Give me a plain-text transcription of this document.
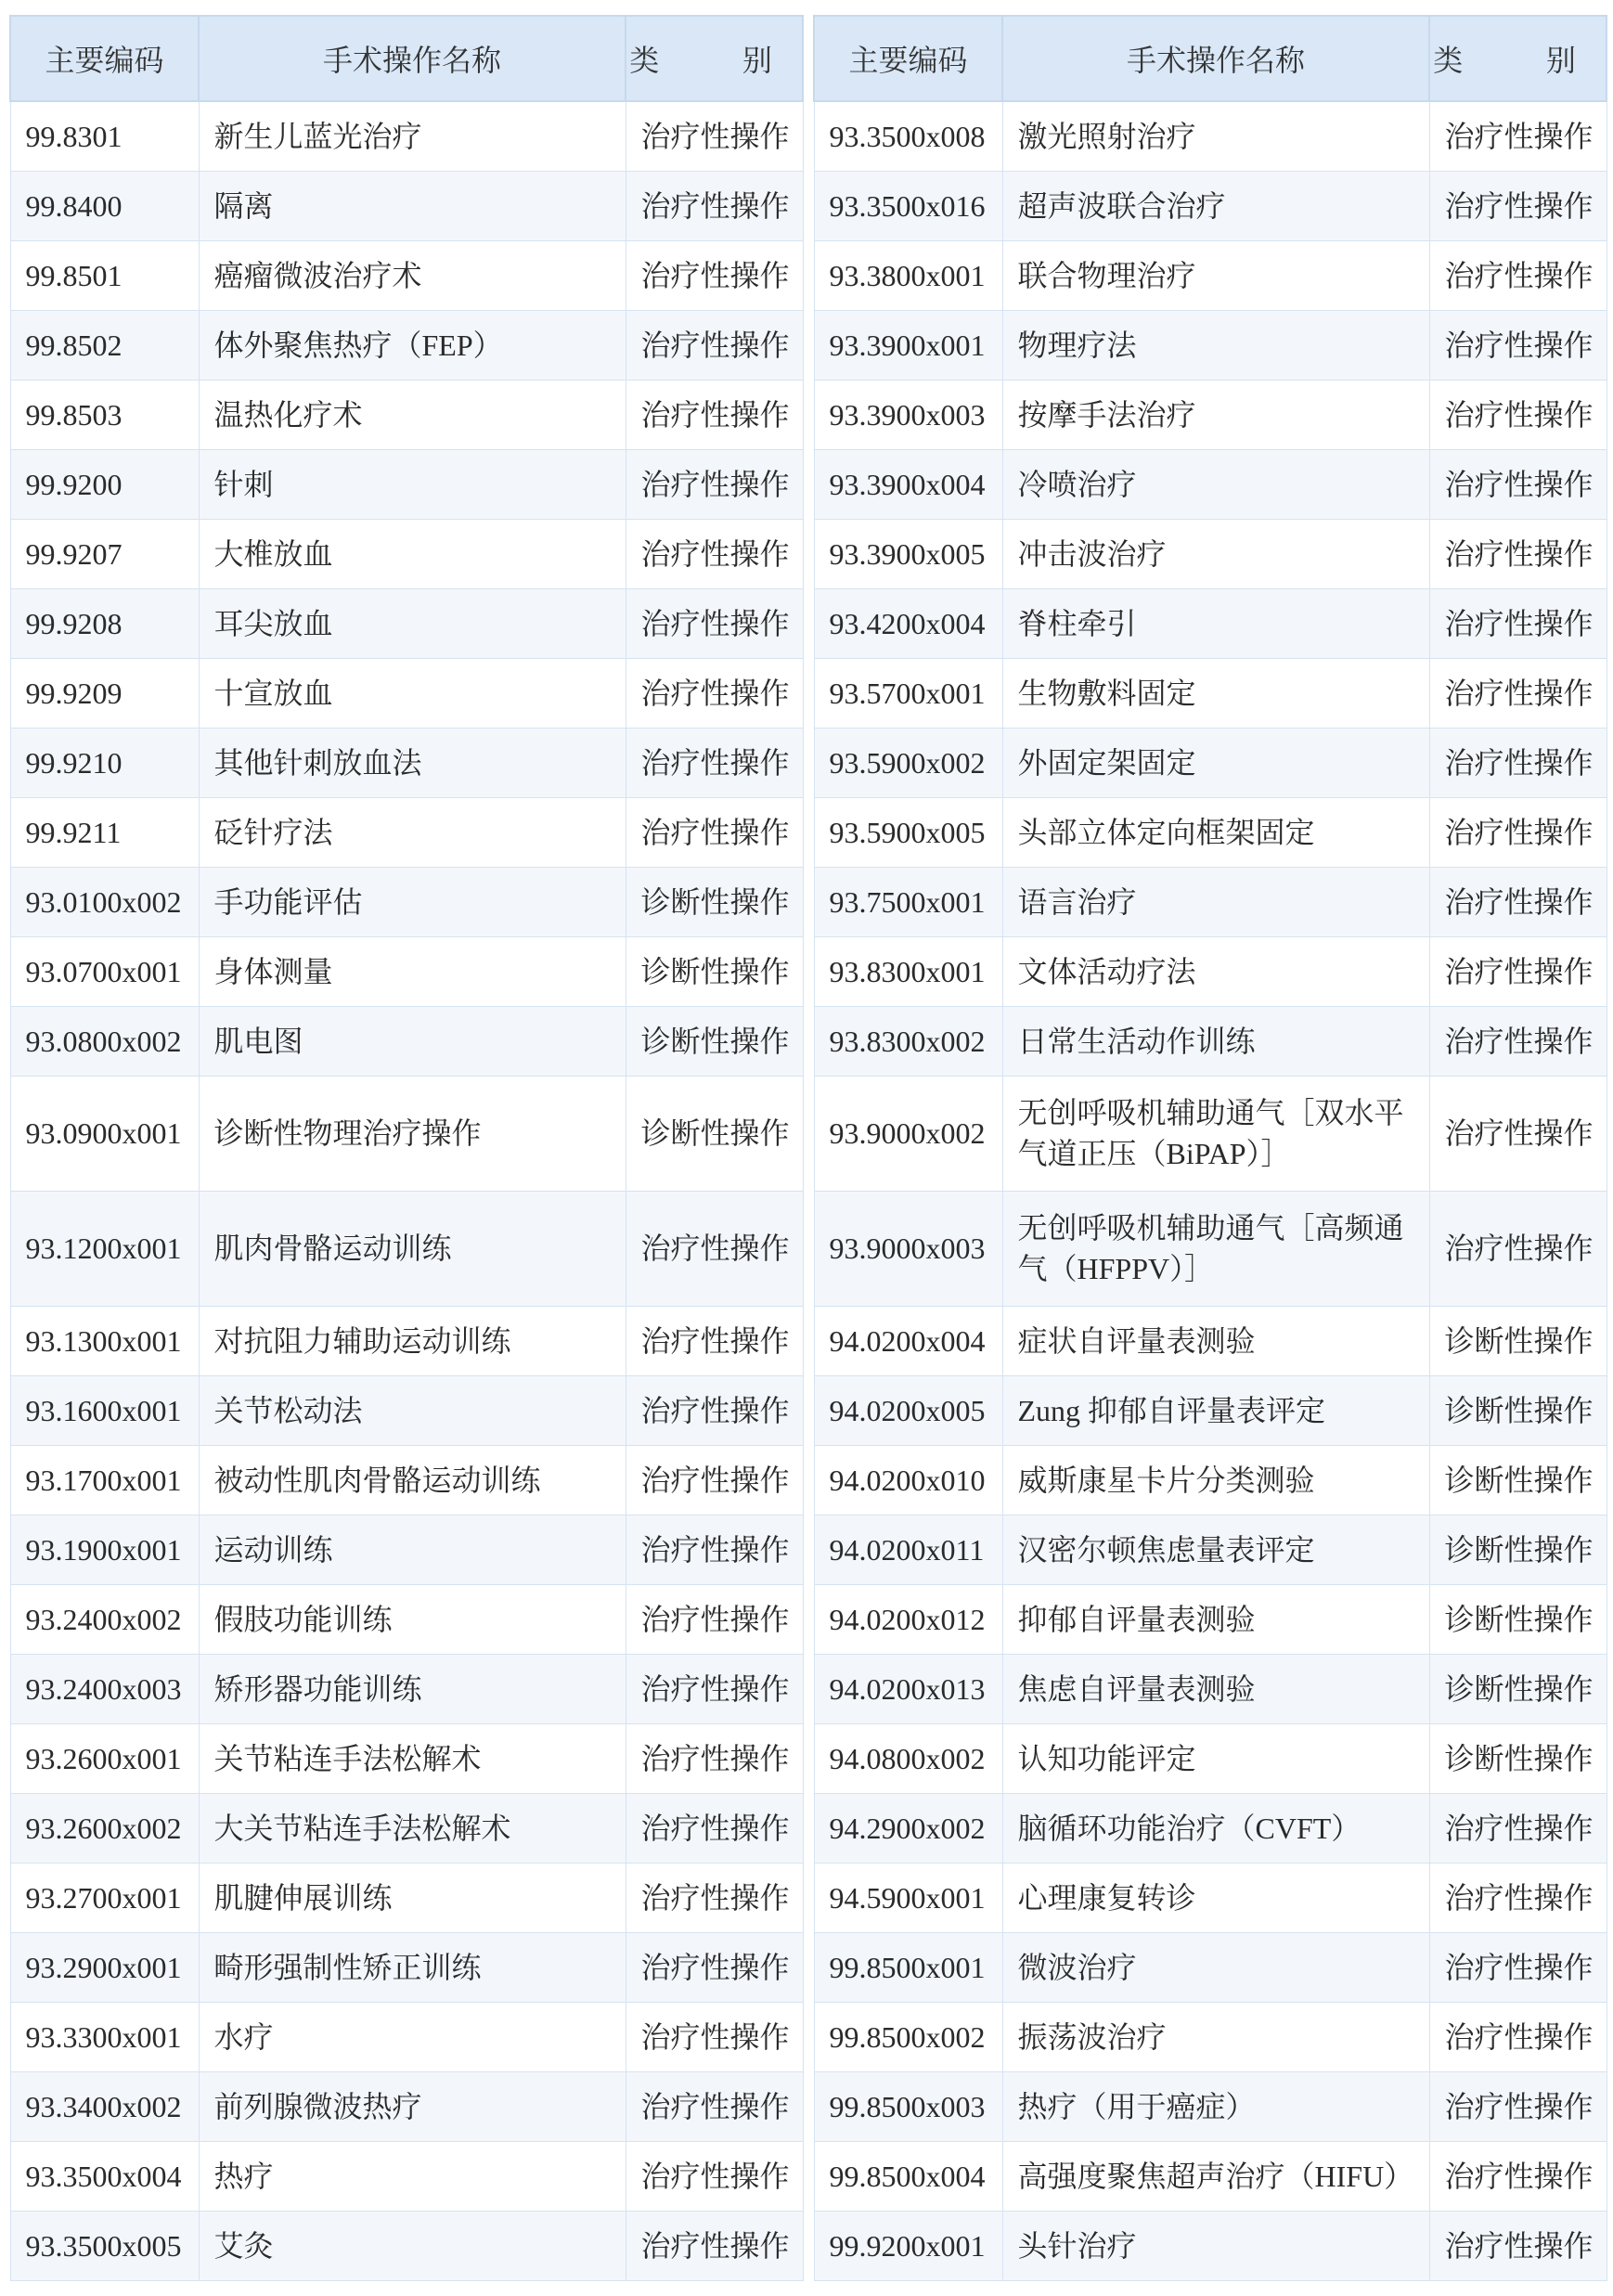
主要编码	手术操作名称	类　别
99.8301	新生儿蓝光治疗	治疗性操作
99.8400	隔离	治疗性操作
99.8501	癌瘤微波治疗术	治疗性操作
99.8502	体外聚焦热疗（FEP）	治疗性操作
99.8503	温热化疗术	治疗性操作
99.9200	针刺	治疗性操作
99.9207	大椎放血	治疗性操作
99.9208	耳尖放血	治疗性操作
99.9209	十宣放血	治疗性操作
99.9210	其他针刺放血法	治疗性操作
99.9211	砭针疗法	治疗性操作
93.0100x002	手功能评估	诊断性操作
93.0700x001	身体测量	诊断性操作
93.0800x002	肌电图	诊断性操作
93.0900x001	诊断性物理治疗操作	诊断性操作
93.1200x001	肌肉骨骼运动训练	治疗性操作
93.1300x001	对抗阻力辅助运动训练	治疗性操作
93.1600x001	关节松动法	治疗性操作
93.1700x001	被动性肌肉骨骼运动训练	治疗性操作
93.1900x001	运动训练	治疗性操作
93.2400x002	假肢功能训练	治疗性操作
93.2400x003	矫形器功能训练	治疗性操作
93.2600x001	关节粘连手法松解术	治疗性操作
93.2600x002	大关节粘连手法松解术	治疗性操作
93.2700x001	肌腱伸展训练	治疗性操作
93.2900x001	畸形强制性矫正训练	治疗性操作
93.3300x001	水疗	治疗性操作
93.3400x002	前列腺微波热疗	治疗性操作
93.3500x004	热疗	治疗性操作
93.3500x005	艾灸	治疗性操作
主要编码	手术操作名称	类　别
93.3500x008	激光照射治疗	治疗性操作
93.3500x016	超声波联合治疗	治疗性操作
93.3800x001	联合物理治疗	治疗性操作
93.3900x001	物理疗法	治疗性操作
93.3900x003	按摩手法治疗	治疗性操作
93.3900x004	冷喷治疗	治疗性操作
93.3900x005	冲击波治疗	治疗性操作
93.4200x004	脊柱牵引	治疗性操作
93.5700x001	生物敷料固定	治疗性操作
93.5900x002	外固定架固定	治疗性操作
93.5900x005	头部立体定向框架固定	治疗性操作
93.7500x001	语言治疗	治疗性操作
93.8300x001	文体活动疗法	治疗性操作
93.8300x002	日常生活动作训练	治疗性操作
93.9000x002	无创呼吸机辅助通气［双水平气道正压（BiPAP）］	治疗性操作
93.9000x003	无创呼吸机辅助通气［高频通气（HFPPV）］	治疗性操作
94.0200x004	症状自评量表测验	诊断性操作
94.0200x005	Zung 抑郁自评量表评定	诊断性操作
94.0200x010	威斯康星卡片分类测验	诊断性操作
94.0200x011	汉密尔顿焦虑量表评定	诊断性操作
94.0200x012	抑郁自评量表测验	诊断性操作
94.0200x013	焦虑自评量表测验	诊断性操作
94.0800x002	认知功能评定	诊断性操作
94.2900x002	脑循环功能治疗（CVFT）	治疗性操作
94.5900x001	心理康复转诊	治疗性操作
99.8500x001	微波治疗	治疗性操作
99.8500x002	振荡波治疗	治疗性操作
99.8500x003	热疗（用于癌症）	治疗性操作
99.8500x004	高强度聚焦超声治疗（HIFU）	治疗性操作
99.9200x001	头针治疗	治疗性操作
